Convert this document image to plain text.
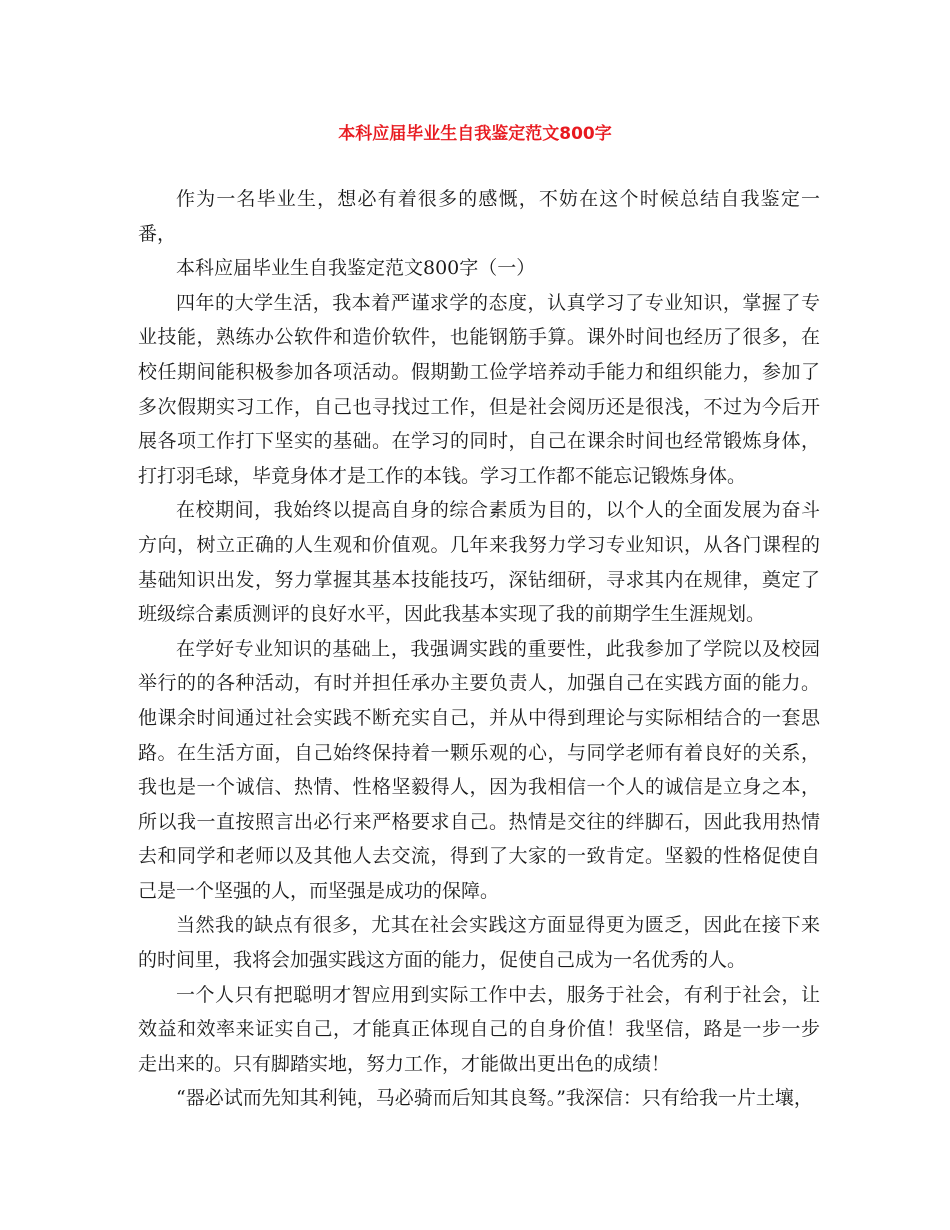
本科应届毕业生自我鉴定范文800字

作为一名毕业生，想必有着很多的感慨，不妨在这个时候总结自我鉴定一番，

本科应届毕业生自我鉴定范文800字（一）

四年的大学生活，我本着严谨求学的态度，认真学习了专业知识，掌握了专业技能，熟练办公软件和造价软件，也能钢筋手算。课外时间也经历了很多，在校任期间能积极参加各项活动。假期勤工俭学培养动手能力和组织能力，参加了多次假期实习工作，自己也寻找过工作，但是社会阅历还是很浅，不过为今后开展各项工作打下坚实的基础。在学习的同时，自己在课余时间也经常锻炼身体，打打羽毛球，毕竟身体才是工作的本钱。学习工作都不能忘记锻炼身体。

在校期间，我始终以提高自身的综合素质为目的，以个人的全面发展为奋斗方向，树立正确的人生观和价值观。几年来我努力学习专业知识，从各门课程的基础知识出发，努力掌握其基本技能技巧，深钻细研，寻求其内在规律，奠定了班级综合素质测评的良好水平，因此我基本实现了我的前期学生生涯规划。

在学好专业知识的基础上，我强调实践的重要性，此我参加了学院以及校园举行的的各种活动，有时并担任承办主要负责人，加强自己在实践方面的能力。他课余时间通过社会实践不断充实自己，并从中得到理论与实际相结合的一套思路。在生活方面，自己始终保持着一颗乐观的心，与同学老师有着良好的关系，我也是一个诚信、热情、性格坚毅得人，因为我相信一个人的诚信是立身之本，所以我一直按照言出必行来严格要求自己。热情是交往的绊脚石，因此我用热情去和同学和老师以及其他人去交流，得到了大家的一致肯定。坚毅的性格促使自己是一个坚强的人，而坚强是成功的保障。

当然我的缺点有很多，尤其在社会实践这方面显得更为匮乏，因此在接下来的时间里，我将会加强实践这方面的能力，促使自己成为一名优秀的人。

一个人只有把聪明才智应用到实际工作中去，服务于社会，有利于社会，让效益和效率来证实自己，才能真正体现自己的自身价值！我坚信，路是一步一步走出来的。只有脚踏实地，努力工作，才能做出更出色的成绩！

“器必试而先知其利钝，马必骑而后知其良驽。”我深信：只有给我一片土壤，
